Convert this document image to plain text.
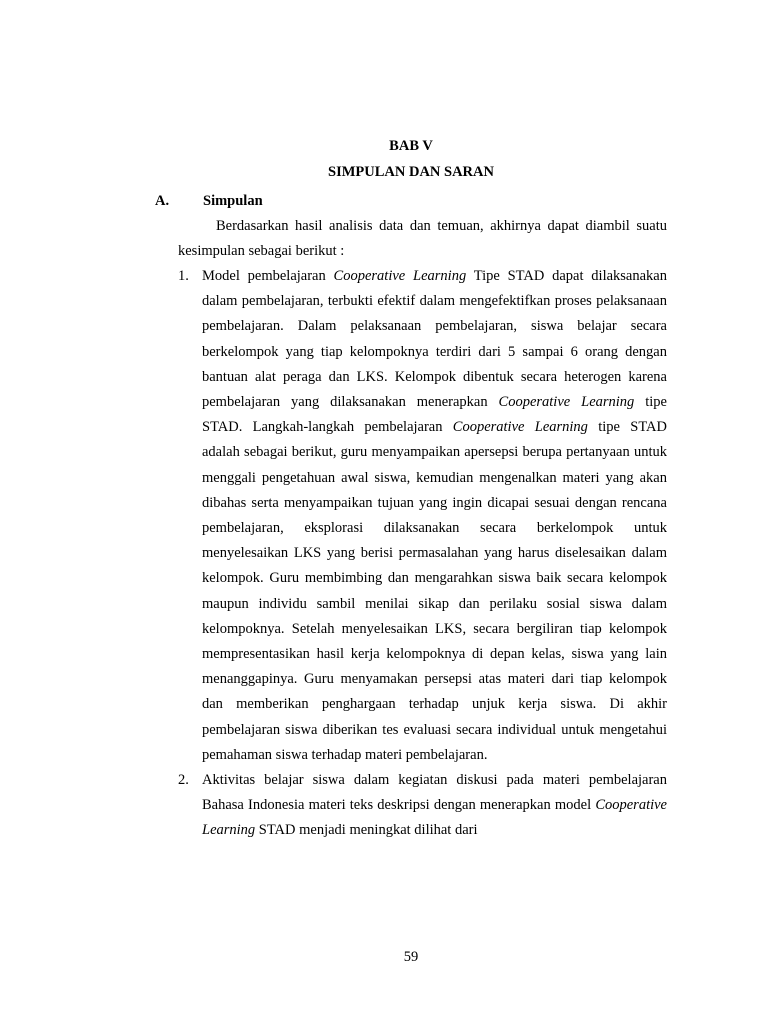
BAB V
SIMPULAN DAN SARAN
A. Simpulan
Berdasarkan hasil analisis data dan temuan, akhirnya dapat diambil suatu kesimpulan sebagai berikut :
1. Model pembelajaran Cooperative Learning Tipe STAD dapat dilaksanakan dalam pembelajaran, terbukti efektif dalam mengefektifkan proses pelaksanaan pembelajaran. Dalam pelaksanaan pembelajaran, siswa belajar secara berkelompok yang tiap kelompoknya terdiri dari 5 sampai 6 orang dengan bantuan alat peraga dan LKS. Kelompok dibentuk secara heterogen karena pembelajaran yang dilaksanakan menerapkan Cooperative Learning tipe STAD. Langkah-langkah pembelajaran Cooperative Learning tipe STAD adalah sebagai berikut, guru menyampaikan apersepsi berupa pertanyaan untuk menggali pengetahuan awal siswa, kemudian mengenalkan materi yang akan dibahas serta menyampaikan tujuan yang ingin dicapai sesuai dengan rencana pembelajaran, eksplorasi dilaksanakan secara berkelompok untuk menyelesaikan LKS yang berisi permasalahan yang harus diselesaikan dalam kelompok. Guru membimbing dan mengarahkan siswa baik secara kelompok maupun individu sambil menilai sikap dan perilaku sosial siswa dalam kelompoknya. Setelah menyelesaikan LKS, secara bergiliran tiap kelompok mempresentasikan hasil kerja kelompoknya di depan kelas, siswa yang lain menanggapinya. Guru menyamakan persepsi atas materi dari tiap kelompok dan memberikan penghargaan terhadap unjuk kerja siswa. Di akhir pembelajaran siswa diberikan tes evaluasi secara individual untuk mengetahui pemahaman siswa terhadap materi pembelajaran.
2. Aktivitas belajar siswa dalam kegiatan diskusi pada materi pembelajaran Bahasa Indonesia materi teks deskripsi dengan menerapkan model Cooperative Learning STAD menjadi meningkat dilihat dari
59
